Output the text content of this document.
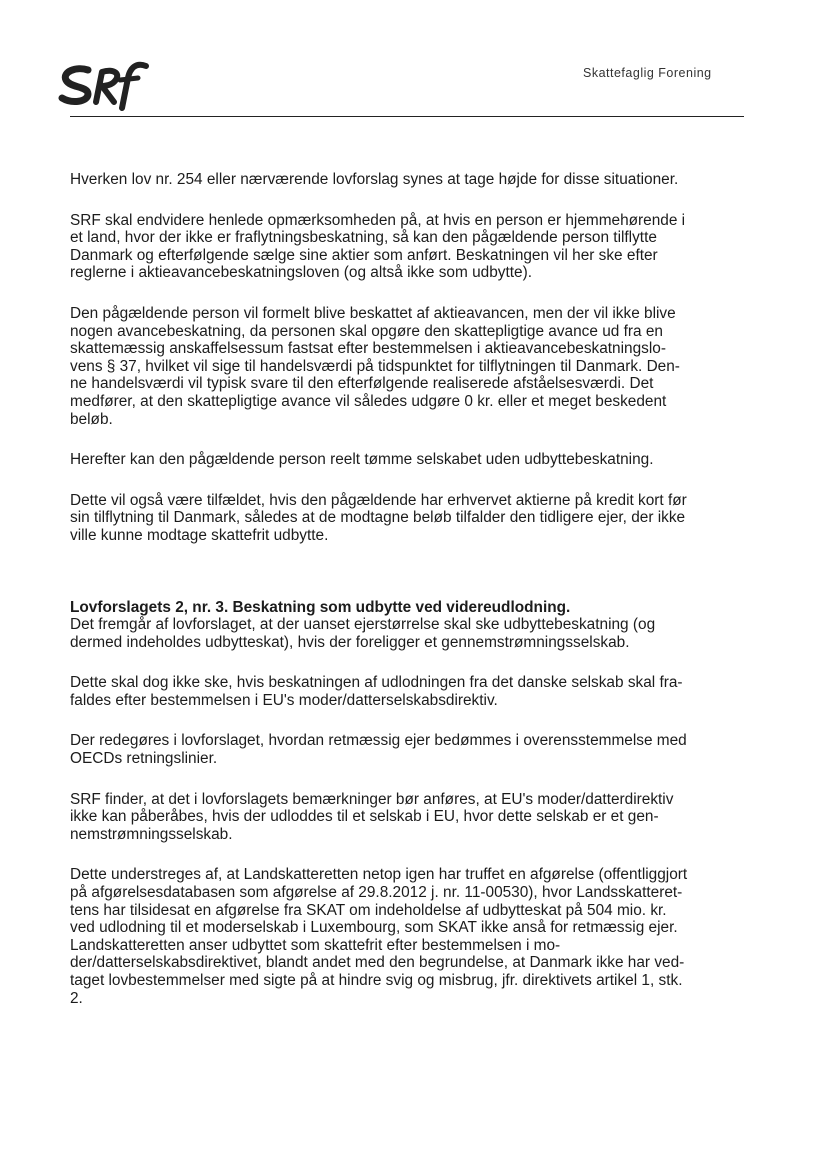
Skattefaglig Forening

Hverken lov nr. 254 eller nærværende lovforslag synes at tage højde for disse situationer.

SRF skal endvidere henlede opmærksomheden på, at hvis en person er hjemmehørende i
et land, hvor der ikke er fraflytningsbeskatning, så kan den pågældende person tilflytte
Danmark og efterfølgende sælge sine aktier som anført. Beskatningen vil her ske efter
reglerne i aktieavancebeskatningsloven (og altså ikke som udbytte).

Den pågældende person vil formelt blive beskattet af aktieavancen, men der vil ikke blive
nogen avancebeskatning, da personen skal opgøre den skattepligtige avance ud fra en
skattemæssig anskaffelsessum fastsat efter bestemmelsen i aktieavancebeskatningslo-
vens § 37, hvilket vil sige til handelsværdi på tidspunktet for tilflytningen til Danmark. Den-
ne handelsværdi vil typisk svare til den efterfølgende realiserede afståelsesværdi. Det
medfører, at den skattepligtige avance vil således udgøre 0 kr. eller et meget beskedent
beløb.

Herefter kan den pågældende person reelt tømme selskabet uden udbyttebeskatning.

Dette vil også være tilfældet, hvis den pågældende har erhvervet aktierne på kredit kort før
sin tilflytning til Danmark, således at de modtagne beløb tilfalder den tidligere ejer, der ikke
ville kunne modtage skattefrit udbytte.

Lovforslagets 2, nr. 3. Beskatning som udbytte ved videreudlodning.

Det fremgår af lovforslaget, at der uanset ejerstørrelse skal ske udbyttebeskatning (og
dermed indeholdes udbytteskat), hvis der foreligger et gennemstrømningsselskab.

Dette skal dog ikke ske, hvis beskatningen af udlodningen fra det danske selskab skal fra-
faldes efter bestemmelsen i EU's moder/datterselskabsdirektiv.

Der redegøres i lovforslaget, hvordan retmæssig ejer bedømmes i overensstemmelse med
OECDs retningslinier.

SRF finder, at det i lovforslagets bemærkninger bør anføres, at EU's moder/datterdirektiv
ikke kan påberåbes, hvis der udloddes til et selskab i EU, hvor dette selskab er et gen-
nemstrømningsselskab.

Dette understreges af, at Landskatteretten netop igen har truffet en afgørelse (offentliggjort
på afgørelsesdatabasen som afgørelse af 29.8.2012 j. nr. 11-00530), hvor Landsskatteret-
tens har tilsidesat en afgørelse fra SKAT om indeholdelse af udbytteskat på 504 mio. kr.
ved udlodning til et moderselskab i Luxembourg, som SKAT ikke anså for retmæssig ejer.
Landskatteretten anser udbyttet som skattefrit efter bestemmelsen i mo-
der/datterselskabsdirektivet, blandt andet med den begrundelse, at Danmark ikke har ved-
taget lovbestemmelser med sigte på at hindre svig og misbrug, jfr. direktivets artikel 1, stk.
2.
